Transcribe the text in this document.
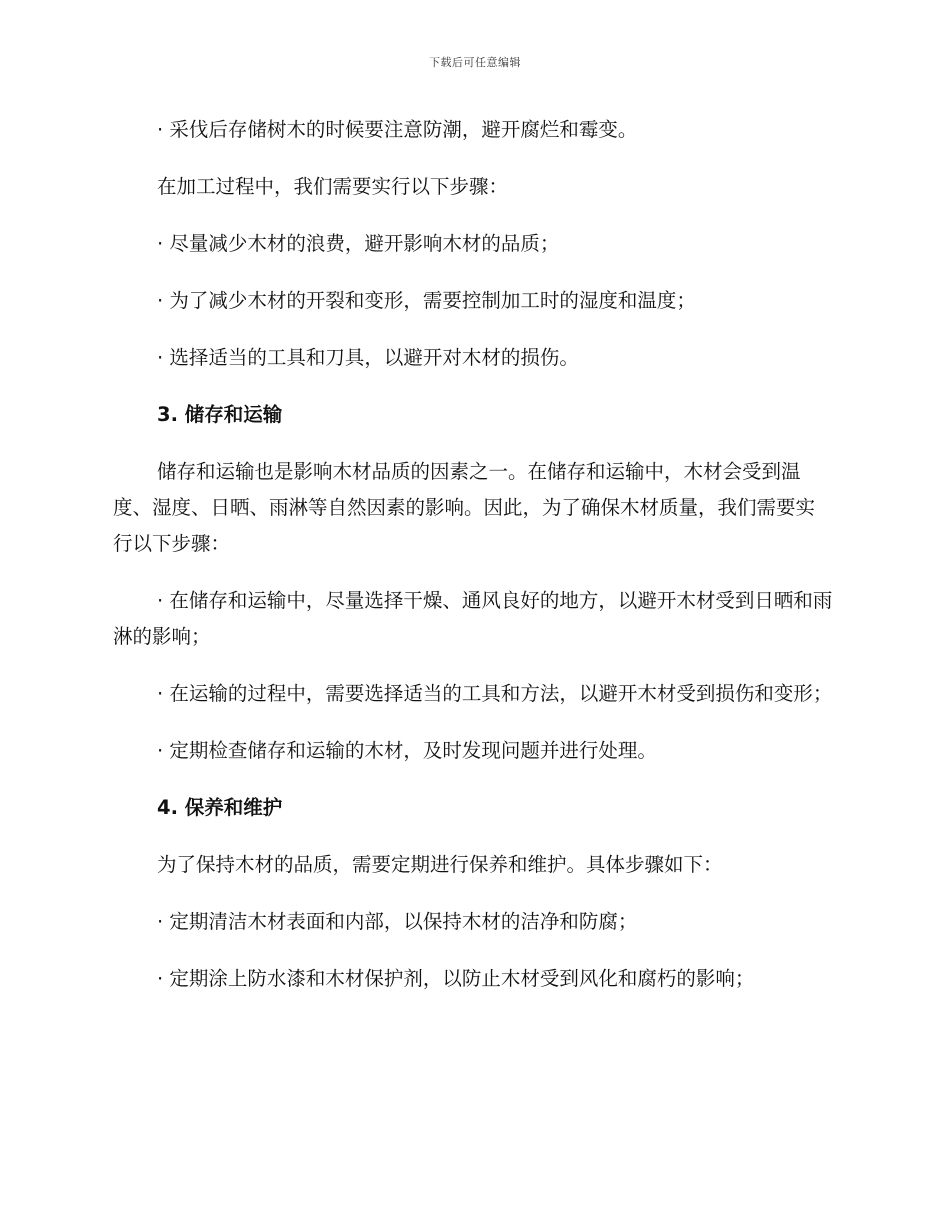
下载后可任意编辑

· 采伐后存储树木的时候要注意防潮，避开腐烂和霉变。

在加工过程中，我们需要实行以下步骤：

· 尽量减少木材的浪费，避开影响木材的品质；

· 为了减少木材的开裂和变形，需要控制加工时的湿度和温度；

· 选择适当的工具和刀具，以避开对木材的损伤。

3. 储存和运输

储存和运输也是影响木材品质的因素之一。在储存和运输中，木材会受到温度、湿度、日晒、雨淋等自然因素的影响。因此，为了确保木材质量，我们需要实行以下步骤：

· 在储存和运输中，尽量选择干燥、通风良好的地方，以避开木材受到日晒和雨淋的影响；

· 在运输的过程中，需要选择适当的工具和方法，以避开木材受到损伤和变形；

· 定期检查储存和运输的木材，及时发现问题并进行处理。

4. 保养和维护

为了保持木材的品质，需要定期进行保养和维护。具体步骤如下：

· 定期清洁木材表面和内部，以保持木材的洁净和防腐；

· 定期涂上防水漆和木材保护剂，以防止木材受到风化和腐朽的影响；
